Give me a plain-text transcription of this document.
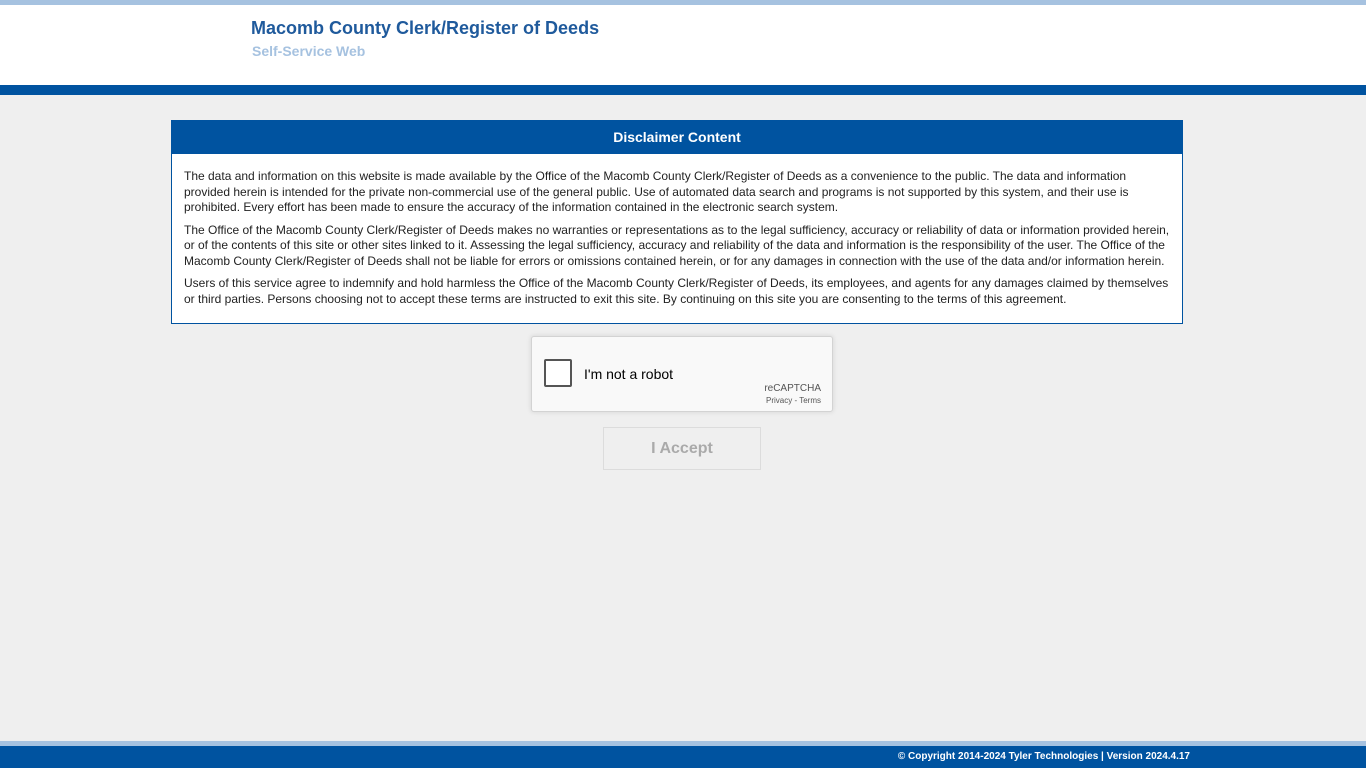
Macomb County Clerk/Register of Deeds
Self-Service Web
Disclaimer Content

The data and information on this website is made available by the Office of the Macomb County Clerk/Register of Deeds as a convenience to the public. The data and information provided herein is intended for the private non-commercial use of the general public. Use of automated data search and programs is not supported by this system, and their use is prohibited. Every effort has been made to ensure the accuracy of the information contained in the electronic search system.

The Office of the Macomb County Clerk/Register of Deeds makes no warranties or representations as to the legal sufficiency, accuracy or reliability of data or information provided herein, or of the contents of this site or other sites linked to it. Assessing the legal sufficiency, accuracy and reliability of the data and information is the responsibility of the user. The Office of the Macomb County Clerk/Register of Deeds shall not be liable for errors or omissions contained herein, or for any damages in connection with the use of the data and/or information herein.

Users of this service agree to indemnify and hold harmless the Office of the Macomb County Clerk/Register of Deeds, its employees, and agents for any damages claimed by themselves or third parties. Persons choosing not to accept these terms are instructed to exit this site. By continuing on this site you are consenting to the terms of this agreement.

I'm not a robot
reCAPTCHA
Privacy - Terms
I Accept
© Copyright 2014-2024 Tyler Technologies | Version 2024.4.17
